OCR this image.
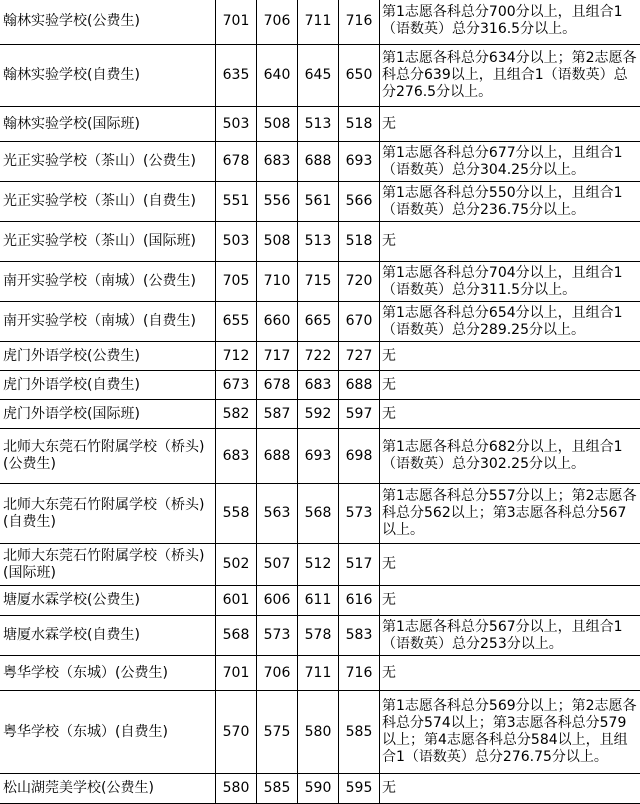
翰林实验学校(公费生)	701	706	711	716	第1志愿各科总分700分以上，且组合1（语数英）总分316.5分以上。
翰林实验学校(自费生)	635	640	645	650	第1志愿各科总分634分以上；第2志愿各科总分639以上，且组合1（语数英）总分276.5分以上。
翰林实验学校(国际班)	503	508	513	518	无
光正实验学校（茶山）(公费生)	678	683	688	693	第1志愿各科总分677分以上，且组合1（语数英）总分304.25分以上。
光正实验学校（茶山）(自费生)	551	556	561	566	第1志愿各科总分550分以上，且组合1（语数英）总分236.75分以上。
光正实验学校（茶山）(国际班)	503	508	513	518	无
南开实验学校（南城）(公费生)	705	710	715	720	第1志愿各科总分704分以上，且组合1（语数英）总分311.5分以上。
南开实验学校（南城）(自费生)	655	660	665	670	第1志愿各科总分654分以上，且组合1（语数英）总分289.25分以上。
虎门外语学校(公费生)	712	717	722	727	无
虎门外语学校(自费生)	673	678	683	688	无
虎门外语学校(国际班)	582	587	592	597	无
北师大东莞石竹附属学校（桥头)(公费生)	683	688	693	698	第1志愿各科总分682分以上，且组合1（语数英）总分302.25分以上。
北师大东莞石竹附属学校（桥头)(自费生)	558	563	568	573	第1志愿各科总分557分以上；第2志愿各科总分562以上；第3志愿各科总分567以上。
北师大东莞石竹附属学校（桥头)(国际班)	502	507	512	517	无
塘厦水霖学校(公费生)	601	606	611	616	无
塘厦水霖学校(自费生)	568	573	578	583	第1志愿各科总分567分以上，且组合1（语数英）总分253分以上。
粤华学校（东城）(公费生)	701	706	711	716	无
粤华学校（东城）(自费生)	570	575	580	585	第1志愿各科总分569分以上；第2志愿各科总分574以上；第3志愿各科总分579以上；第4志愿各科总分584以上，且组合1（语数英）总分276.75分以上。
松山湖莞美学校(公费生)	580	585	590	595	无
